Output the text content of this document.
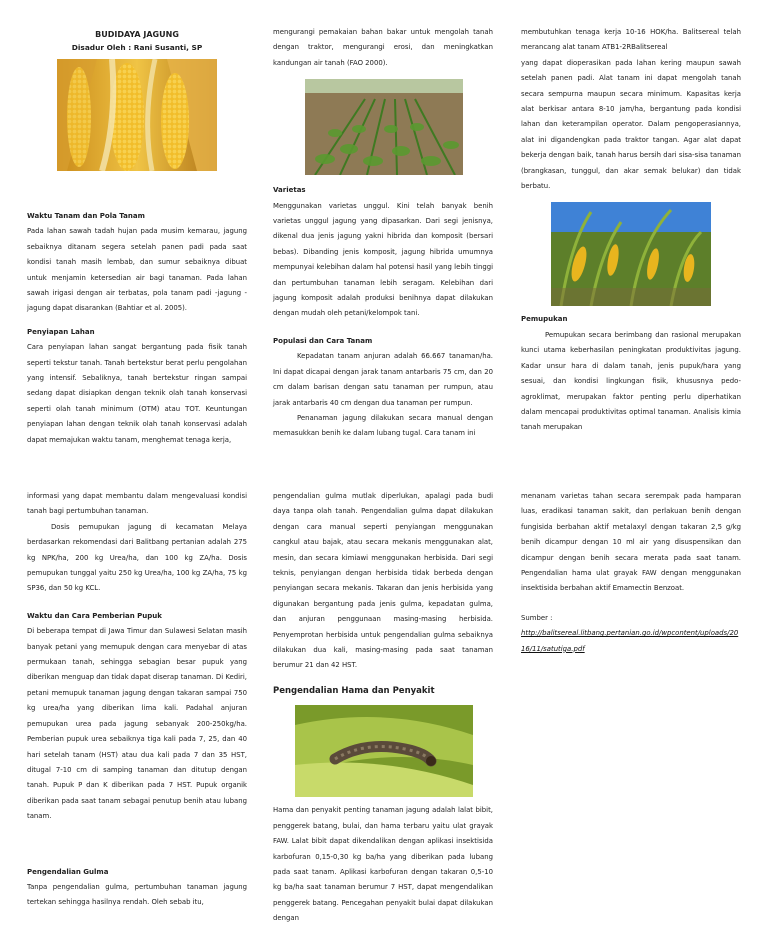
BUDIDAYA JAGUNG
Disadur Oleh : Rani Susanti, SP
Waktu Tanam dan Pola Tanam

Pada lahan sawah tadah hujan pada musim kemarau, jagung sebaiknya ditanam segera setelah panen padi pada saat kondisi tanah masih lembab, dan sumur sebaiknya dibuat untuk menjamin ketersedian air bagi tanaman. Pada lahan sawah irigasi dengan air terbatas, pola tanam padi -jagung - jagung dapat disarankan (Bahtiar et al. 2005).

Penyiapan Lahan

Cara penyiapan lahan sangat bergantung pada fisik tanah seperti tekstur tanah. Tanah bertekstur berat perlu pengolahan yang intensif. Sebaliknya, tanah bertekstur ringan sampai sedang dapat disiapkan dengan teknik olah tanah konservasi seperti olah tanah minimum (OTM) atau TOT. Keuntungan penyiapan lahan dengan teknik olah tanah konservasi adalah dapat memajukan waktu tanam, menghemat tenaga kerja,

mengurangi pemakaian bahan bakar untuk mengolah tanah dengan traktor, mengurangi erosi, dan meningkatkan kandungan air tanah (FAO 2000).

Varietas

Menggunakan varietas unggul. Kini telah banyak benih varietas unggul jagung yang dipasarkan. Dari segi jenisnya, dikenal dua jenis jagung yakni hibrida dan komposit (bersari bebas). Dibanding jenis komposit, jagung hibrida umumnya mempunyai kelebihan dalam hal potensi hasil yang lebih tinggi dan pertumbuhan tanaman lebih seragam. Kelebihan dari jagung komposit adalah produksi benihnya dapat dilakukan dengan mudah oleh petani/kelompok tani.

Populasi dan Cara Tanam

Kepadatan tanam anjuran adalah 66.667 tanaman/ha. Ini dapat dicapai dengan jarak tanam antarbaris 75 cm, dan 20 cm dalam barisan dengan satu tanaman per rumpun, atau jarak antarbaris 40 cm dengan dua tanaman per rumpun.

Penanaman jagung dilakukan secara manual dengan memasukkan benih ke dalam lubang tugal. Cara tanam ini

membutuhkan tenaga kerja 10-16 HOK/ha. Balitsereal telah merancang alat tanam ATB1-2RBalitsereal

yang dapat dioperasikan pada lahan kering maupun sawah setelah panen padi. Alat tanam ini dapat mengolah tanah secara sempurna maupun secara minimum. Kapasitas kerja alat berkisar antara 8-10 jam/ha, bergantung pada kondisi lahan dan keterampilan operator. Dalam pengoperasiannya, alat ini digandengkan pada traktor tangan. Agar alat dapat bekerja dengan baik, tanah harus bersih dari sisa-sisa tanaman (brangkasan, tunggul, dan akar semak belukar) dan tidak berbatu.

Pemupukan

Pemupukan secara berimbang dan rasional merupakan kunci utama keberhasilan peningkatan produktivitas jagung. Kadar unsur hara di dalam tanah, jenis pupuk/hara yang sesuai, dan kondisi lingkungan fisik, khususnya pedo-agroklimat, merupakan faktor penting perlu diperhatikan dalam mencapai produktivitas optimal tanaman. Analisis kimia tanah merupakan

informasi yang dapat membantu dalam mengevaluasi kondisi tanah bagi pertumbuhan tanaman.

Dosis pemupukan jagung di kecamatan Melaya berdasarkan rekomendasi dari Balitbang pertanian adalah 275 kg NPK/ha, 200 kg Urea/ha, dan 100 kg ZA/ha. Dosis pemupukan tunggal yaitu 250 kg Urea/ha, 100 kg ZA/ha, 75 kg SP36, dan 50 kg KCL.

Waktu dan Cara Pemberian Pupuk

Di beberapa tempat di Jawa Timur dan Sulawesi Selatan masih banyak petani yang memupuk dengan cara menyebar di atas permukaan tanah, sehingga sebagian besar pupuk yang diberikan menguap dan tidak dapat diserap tanaman. Di Kediri, petani memupuk tanaman jagung dengan takaran sampai 750 kg urea/ha yang diberikan lima kali. Padahal anjuran pemupukan urea pada jagung sebanyak 200-250kg/ha. Pemberian pupuk urea sebaiknya tiga kali pada 7, 25, dan 40 hari setelah tanam (HST) atau dua kali pada 7 dan 35 HST, ditugal 7-10 cm di samping tanaman dan ditutup dengan tanah. Pupuk P dan K diberikan pada 7 HST. Pupuk organik diberikan pada saat tanam sebagai penutup benih atau lubang tanam.

Pengendalian Gulma

Tanpa pengendalian gulma, pertumbuhan tanaman jagung tertekan sehingga hasilnya rendah. Oleh sebab itu,

pengendalian gulma mutlak diperlukan, apalagi pada budi daya tanpa olah tanah. Pengendalian gulma dapat dilakukan dengan cara manual seperti penyiangan menggunakan cangkul atau bajak, atau secara mekanis menggunakan alat, mesin, dan secara kimiawi menggunakan herbisida. Dari segi teknis, penyiangan dengan herbisida tidak berbeda dengan penyiangan secara mekanis. Takaran dan jenis herbisida yang digunakan bergantung pada jenis gulma, kepadatan gulma, dan anjuran penggunaan masing-masing herbisida. Penyemprotan herbisida untuk pengendalian gulma sebaiknya dilakukan dua kali, masing-masing pada saat tanaman berumur 21 dan 42 HST.

Pengendalian Hama dan Penyakit

Hama dan penyakit penting tanaman jagung adalah lalat bibit, penggerek batang, bulai, dan hama terbaru yaitu ulat grayak FAW. Lalat bibit dapat dikendalikan dengan aplikasi insektisida karbofuran 0,15-0,30 kg ba/ha yang diberikan pada lubang pada saat tanam. Aplikasi karbofuran dengan takaran 0,5-10 kg ba/ha saat tanaman berumur 7 HST, dapat mengendalikan penggerek batang. Pencegahan penyakit bulai dapat dilakukan dengan

menanam varietas tahan secara serempak pada hamparan luas, eradikasi tanaman sakit, dan perlakuan benih dengan fungisida berbahan aktif metalaxyl dengan takaran 2,5 g/kg benih dicampur dengan 10 ml air yang disuspensikan dan dicampur dengan benih secara merata pada saat tanam. Pengendalian hama ulat grayak FAW dengan menggunakan insektisida berbahan aktif Emamectin Benzoat.

Sumber :

http://balitsereal.litbang.pertanian.go.id/wpcontent/uploads/2016/11/satutiga.pdf
